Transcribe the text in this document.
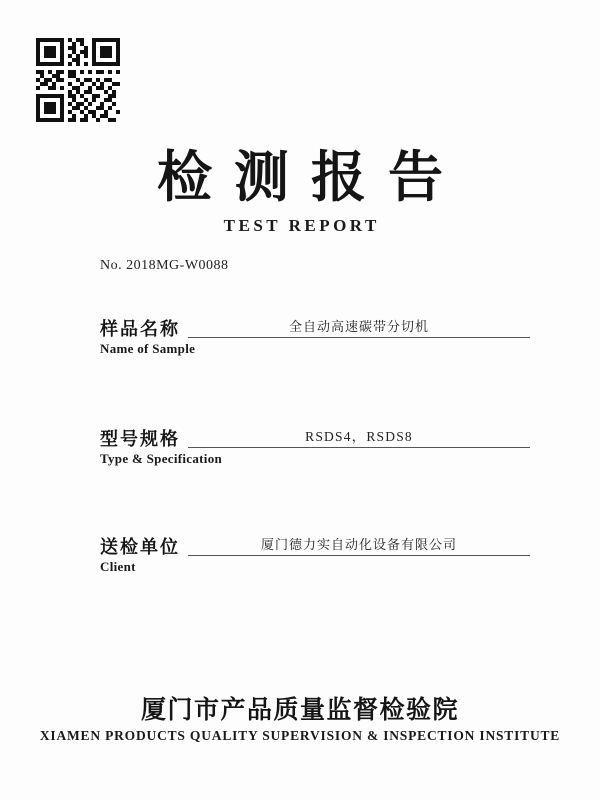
检测报告
TEST REPORT
No. 2018MG-W0088
样品名称	全自动高速碳带分切机
Name of Sample
型号规格	RSDS4，RSDS8
Type & Specification
送检单位	厦门德力实自动化设备有限公司
Client
厦门市产品质量监督检验院
XIAMEN PRODUCTS QUALITY SUPERVISION & INSPECTION INSTITUTE
